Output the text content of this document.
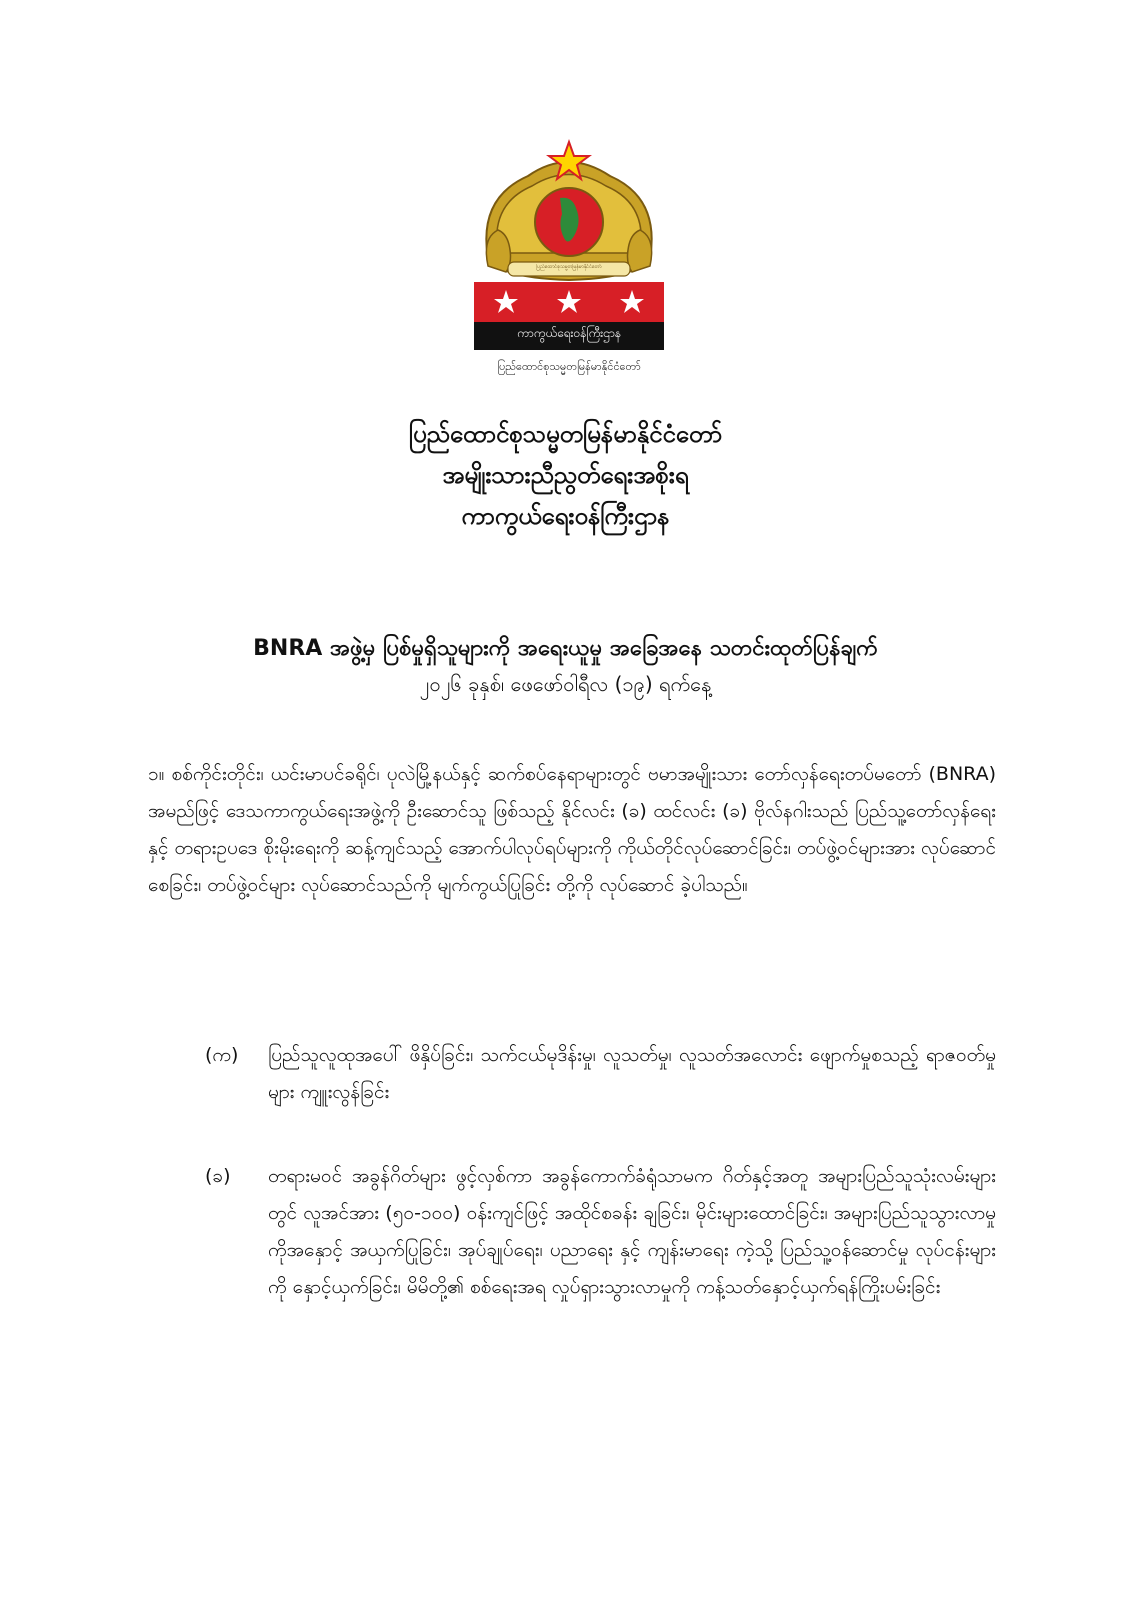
ပြည်ထောင်စုသမ္မတမြန်မာနိုင်ငံတော်
ကာကွယ်ရေးဝန်ကြီးဌာန
ပြည်ထောင်စုသမ္မတမြန်မာနိုင်ငံတော်
ပြည်ထောင်စုသမ္မတမြန်မာနိုင်ငံတော်
အမျိုးသားညီညွတ်ရေးအစိုးရ
ကာကွယ်ရေးဝန်ကြီးဌာန
BNRA အဖွဲ့မှ ပြစ်မှုရှိသူများကို အရေးယူမှု အခြေအနေ သတင်းထုတ်ပြန်ချက်
၂၀၂၆ ခုနှစ်၊ ဖေဖော်ဝါရီလ (၁၉) ရက်နေ့
၁။ စစ်ကိုင်းတိုင်း၊ ယင်းမာပင်ခရိုင်၊ ပုလဲမြို့နယ်နှင့် ဆက်စပ်နေရာများတွင် ဗမာအမျိုးသား တော်လှန်ရေးတပ်မတော် (BNRA) အမည်ဖြင့် ဒေသကာကွယ်ရေးအဖွဲ့ကို ဦးဆောင်သူ ဖြစ်သည့် နိုင်လင်း (ခ) ထင်လင်း (ခ) ဗိုလ်နဂါးသည် ပြည်သူ့တော်လှန်ရေးနှင့် တရားဥပဒေ စိုးမိုးရေးကို ဆန့်ကျင်သည့် အောက်ပါလုပ်ရပ်များကို ကိုယ်တိုင်လုပ်ဆောင်ခြင်း၊ တပ်ဖွဲ့ဝင်များအား လုပ်ဆောင်စေခြင်း၊ တပ်ဖွဲ့ဝင်များ လုပ်ဆောင်သည်ကို မျက်ကွယ်ပြုခြင်း တို့ကို လုပ်ဆောင် ခဲ့ပါသည်။
(က)	ပြည်သူလူထုအပေါ် ဖိနှိပ်ခြင်း၊ သက်ငယ်မုဒိန်းမှု၊ လူသတ်မှု၊ လူသတ်အလောင်း ဖျောက်မှုစသည့် ရာဇဝတ်မှုများ ကျူးလွန်ခြင်း
(ခ)	တရားမဝင် အခွန်ဂိတ်များ ဖွင့်လှစ်ကာ အခွန်ကောက်ခံရုံသာမက ဂိတ်နှင့်အတူ အများပြည်သူသုံးလမ်းများတွင် လူအင်အား (၅၀-၁၀၀) ဝန်းကျင်ဖြင့် အထိုင်စခန်း ချခြင်း၊ မိုင်းများထောင်ခြင်း၊ အများပြည်သူသွားလာမှုကိုအနှောင့် အယှက်ပြုခြင်း၊ အုပ်ချုပ်ရေး၊ ပညာရေး နှင့် ကျန်းမာရေး ကဲ့သို့ ပြည်သူ့ဝန်ဆောင်မှု လုပ်ငန်းများကို နှောင့်ယှက်ခြင်း၊ မိမိတို့၏ စစ်ရေးအရ လှုပ်ရှားသွားလာမှုကို ကန့်သတ်နှောင့်ယှက်ရန်ကြိုးပမ်းခြင်း
